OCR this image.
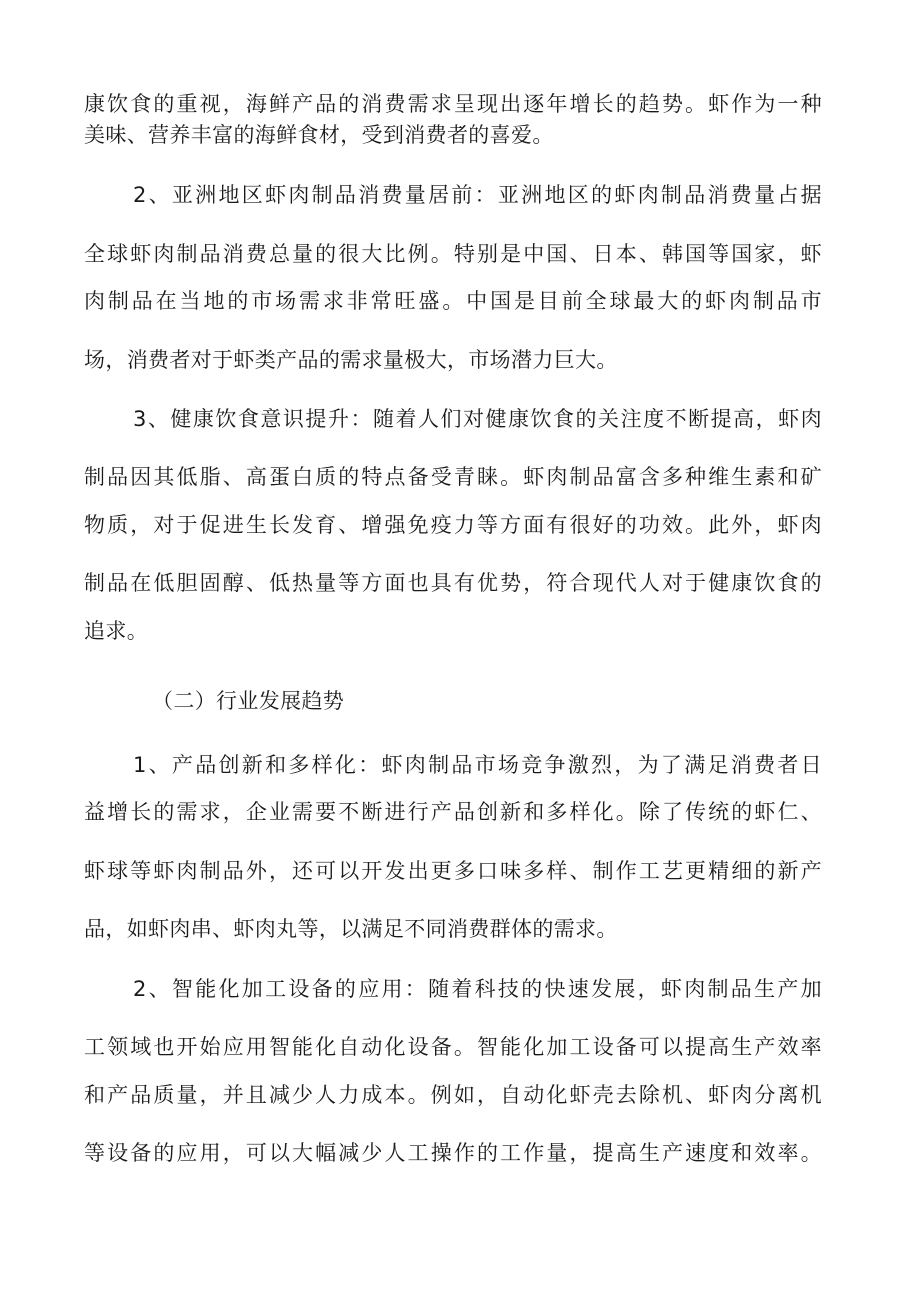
康饮食的重视，海鲜产品的消费需求呈现出逐年增长的趋势。虾作为一种
美味、营养丰富的海鲜食材，受到消费者的喜爱。
2、亚洲地区虾肉制品消费量居前：亚洲地区的虾肉制品消费量占据
全球虾肉制品消费总量的很大比例。特别是中国、日本、韩国等国家，虾
肉制品在当地的市场需求非常旺盛。中国是目前全球最大的虾肉制品市
场，消费者对于虾类产品的需求量极大，市场潜力巨大。
3、健康饮食意识提升：随着人们对健康饮食的关注度不断提高，虾肉
制品因其低脂、高蛋白质的特点备受青睐。虾肉制品富含多种维生素和矿
物质，对于促进生长发育、增强免疫力等方面有很好的功效。此外，虾肉
制品在低胆固醇、低热量等方面也具有优势，符合现代人对于健康饮食的
追求。
（二）行业发展趋势
1、产品创新和多样化：虾肉制品市场竞争激烈，为了满足消费者日
益增长的需求，企业需要不断进行产品创新和多样化。除了传统的虾仁、
虾球等虾肉制品外，还可以开发出更多口味多样、制作工艺更精细的新产
品，如虾肉串、虾肉丸等，以满足不同消费群体的需求。
2、智能化加工设备的应用：随着科技的快速发展，虾肉制品生产加
工领域也开始应用智能化自动化设备。智能化加工设备可以提高生产效率
和产品质量，并且减少人力成本。例如，自动化虾壳去除机、虾肉分离机
等设备的应用，可以大幅减少人工操作的工作量，提高生产速度和效率。
